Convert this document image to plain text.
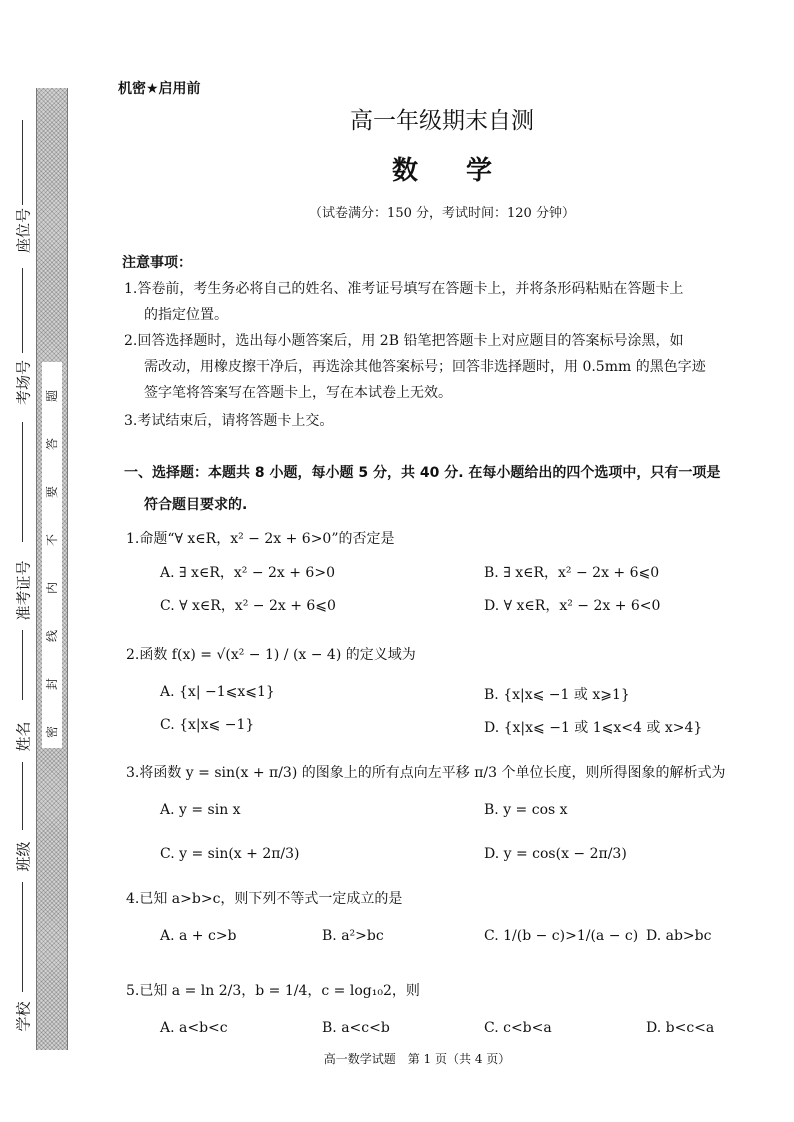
题
答
要
不
内
线
封
密
座位号
考场号
准考证号
姓名
班级
学校
机密★启用前
高一年级期末自测
数学
（试卷满分：150 分，考试时间：120 分钟）
注意事项：
1.答卷前，考生务必将自己的姓名、准考证号填写在答题卡上，并将条形码粘贴在答题卡上
的指定位置。
2.回答选择题时，选出每小题答案后，用 2B 铅笔把答题卡上对应题目的答案标号涂黑，如
需改动，用橡皮擦干净后，再选涂其他答案标号；回答非选择题时，用 0.5mm 的黑色字迹
签字笔将答案写在答题卡上，写在本试卷上无效。
3.考试结束后，请将答题卡上交。
一、选择题：本题共 8 小题，每小题 5 分，共 40 分. 在每小题给出的四个选项中，只有一项是
符合题目要求的.
1.命题“∀ x∈R，x² − 2x + 6>0”的否定是
A. ∃ x∈R，x² − 2x + 6>0	B. ∃ x∈R，x² − 2x + 6⩽0
C. ∀ x∈R，x² − 2x + 6⩽0	D. ∀ x∈R，x² − 2x + 6<0
2.函数 f(x) = √(x² − 1) / (x − 4) 的定义域为
A. {x| −1⩽x⩽1}	B. {x|x⩽ −1 或 x⩾1}
C. {x|x⩽ −1}	D. {x|x⩽ −1 或 1⩽x<4 或 x>4}
3.将函数 y = sin(x + π/3) 的图象上的所有点向左平移 π/3 个单位长度，则所得图象的解析式为
A. y = sin x	B. y = cos x
C. y = sin(x + 2π/3)	D. y = cos(x − 2π/3)
4.已知 a>b>c，则下列不等式一定成立的是
A. a + c>b	B. a²>bc	C. 1/(b − c)>1/(a − c) D. ab>bc
5.已知 a = ln 2/3，b = 1/4，c = log₁₀2，则
A. a<b<c	B. a<c<b	C. c<b<a	D. b<c<a
高一数学试题　第 1 页（共 4 页）
